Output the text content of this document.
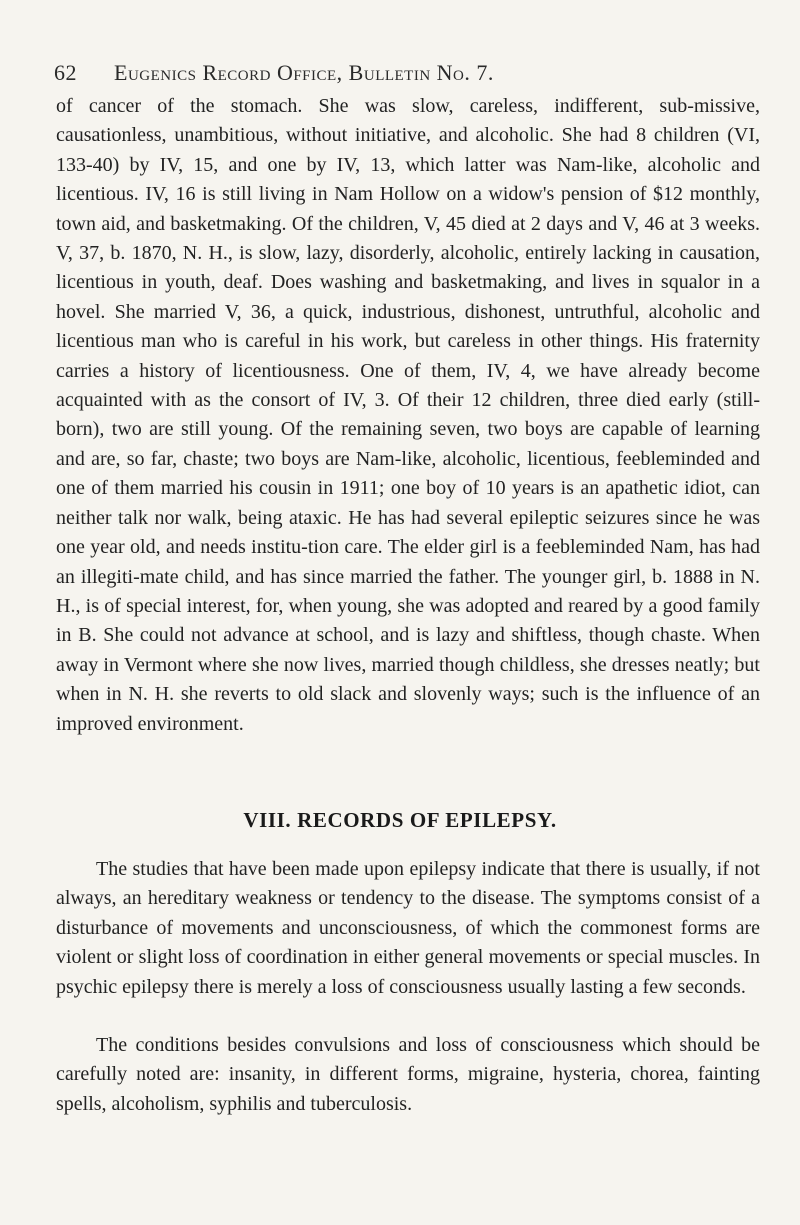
62 Eugenics Record Office, Bulletin No. 7.
of cancer of the stomach. She was slow, careless, indifferent, sub-missive, causationless, unambitious, without initiative, and alcoholic. She had 8 children (VI, 133-40) by IV, 15, and one by IV, 13, which latter was Nam-like, alcoholic and licentious. IV, 16 is still living in Nam Hollow on a widow's pension of $12 monthly, town aid, and basketmaking. Of the children, V, 45 died at 2 days and V, 46 at 3 weeks. V, 37, b. 1870, N. H., is slow, lazy, disorderly, alcoholic, entirely lacking in causation, licentious in youth, deaf. Does washing and basketmaking, and lives in squalor in a hovel. She married V, 36, a quick, industrious, dishonest, untruthful, alcoholic and licentious man who is careful in his work, but careless in other things. His fraternity carries a history of licentiousness. One of them, IV, 4, we have already become acquainted with as the consort of IV, 3. Of their 12 children, three died early (still-born), two are still young. Of the remaining seven, two boys are capable of learning and are, so far, chaste; two boys are Nam-like, alcoholic, licentious, feebleminded and one of them married his cousin in 1911; one boy of 10 years is an apathetic idiot, can neither talk nor walk, being ataxic. He has had several epileptic seizures since he was one year old, and needs institu-tion care. The elder girl is a feebleminded Nam, has had an illegiti-mate child, and has since married the father. The younger girl, b. 1888 in N. H., is of special interest, for, when young, she was adopted and reared by a good family in B. She could not advance at school, and is lazy and shiftless, though chaste. When away in Vermont where she now lives, married though childless, she dresses neatly; but when in N. H. she reverts to old slack and slovenly ways; such is the influence of an improved environment.
VIII. RECORDS OF EPILEPSY.
The studies that have been made upon epilepsy indicate that there is usually, if not always, an hereditary weakness or tendency to the disease. The symptoms consist of a disturbance of movements and unconsciousness, of which the commonest forms are violent or slight loss of coordination in either general movements or special muscles. In psychic epilepsy there is merely a loss of consciousness usually lasting a few seconds.
The conditions besides convulsions and loss of consciousness which should be carefully noted are: insanity, in different forms, migraine, hysteria, chorea, fainting spells, alcoholism, syphilis and tuberculosis.
